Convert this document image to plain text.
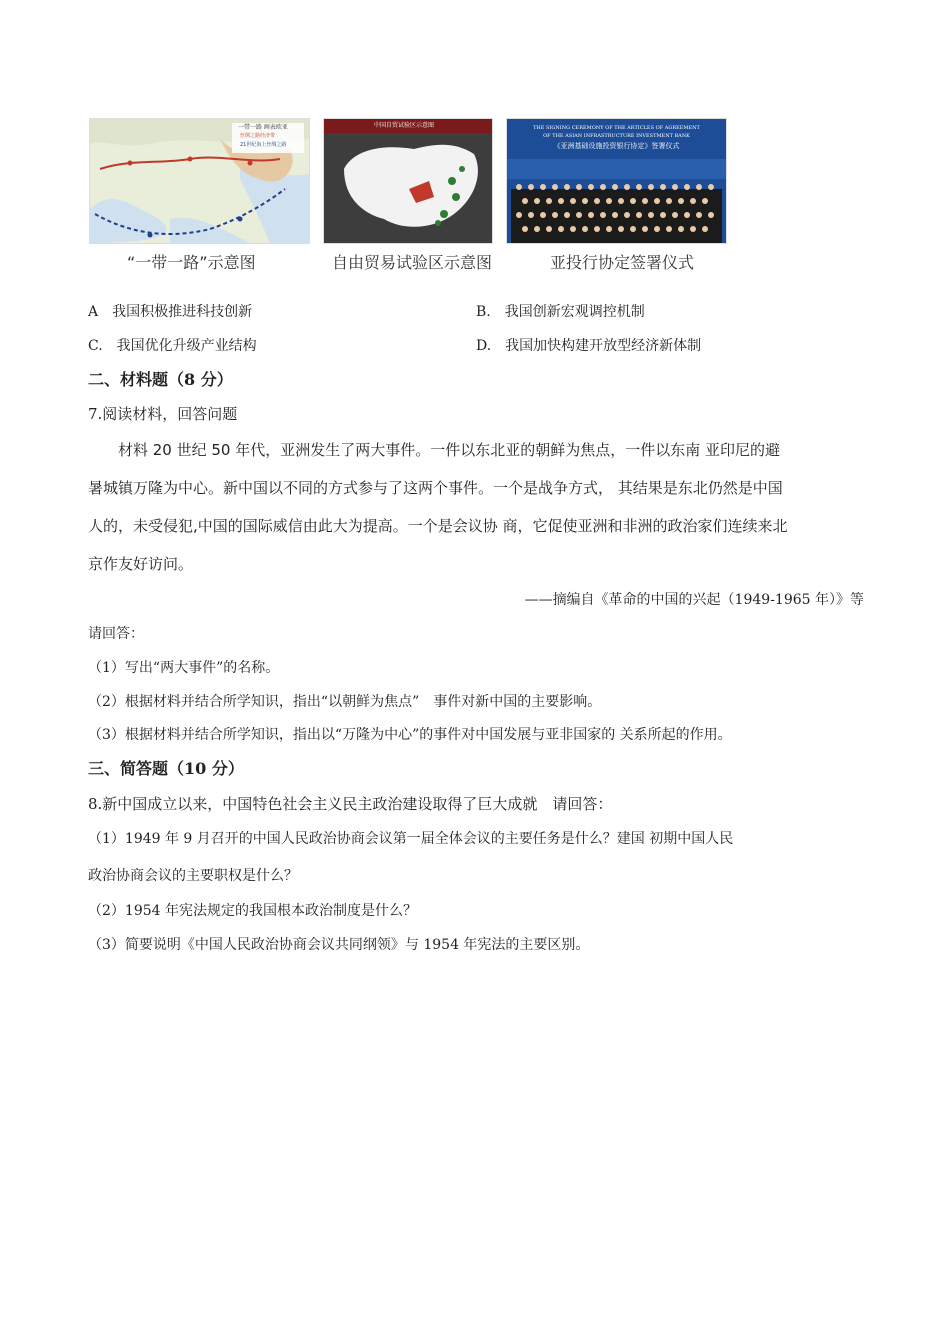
一带一路 画表欧亚
丝绸之路经济带
21世纪海上丝绸之路
“一带一路”示意图
中国自贸试验区示意图
自由贸易试验区示意图
THE SIGNING CEREMONY OF THE ARTICLES OF AGREEMENT
OF THE ASIAN INFRASTRUCTURE INVESTMENT BANK
《亚洲基础设施投资银行协定》签署仪式
亚投行协定签署仪式
A　我国积极推进科技创新	B.　我国创新宏观调控机制
C.　我国优化升级产业结构	D.　我国加快构建开放型经济新体制
二、材料题（8 分）
7.阅读材料，回答问题
材料 20 世纪 50 年代，亚洲发生了两大事件。一件以东北亚的朝鲜为焦点，一件以东南 亚印尼的避
暑城镇万隆为中心。新中国以不同的方式参与了这两个事件。一个是战争方式， 其结果是东北仍然是中国
人的，未受侵犯,中国的国际威信由此大为提高。一个是会议协 商，它促使亚洲和非洲的政治家们连续来北
京作友好访问。
——摘编自《革命的中国的兴起（1949-1965 年）》等
请回答：
（1）写出“两大事件”的名称。
（2）根据材料并结合所学知识，指出“以朝鲜为焦点”　事件对新中国的主要影响。
（3）根据材料并结合所学知识，指出以“万隆为中心”的事件对中国发展与亚非国家的 关系所起的作用。
三、简答题（10 分）
8.新中国成立以来，中国特色社会主义民主政治建设取得了巨大成就　请回答：
（1）1949 年 9 月召开的中国人民政治协商会议第一届全体会议的主要任务是什么？建国 初期中国人民
政治协商会议的主要职权是什么？
（2）1954 年宪法规定的我国根本政治制度是什么？
（3）简要说明《中国人民政治协商会议共同纲领》与 1954 年宪法的主要区别。
